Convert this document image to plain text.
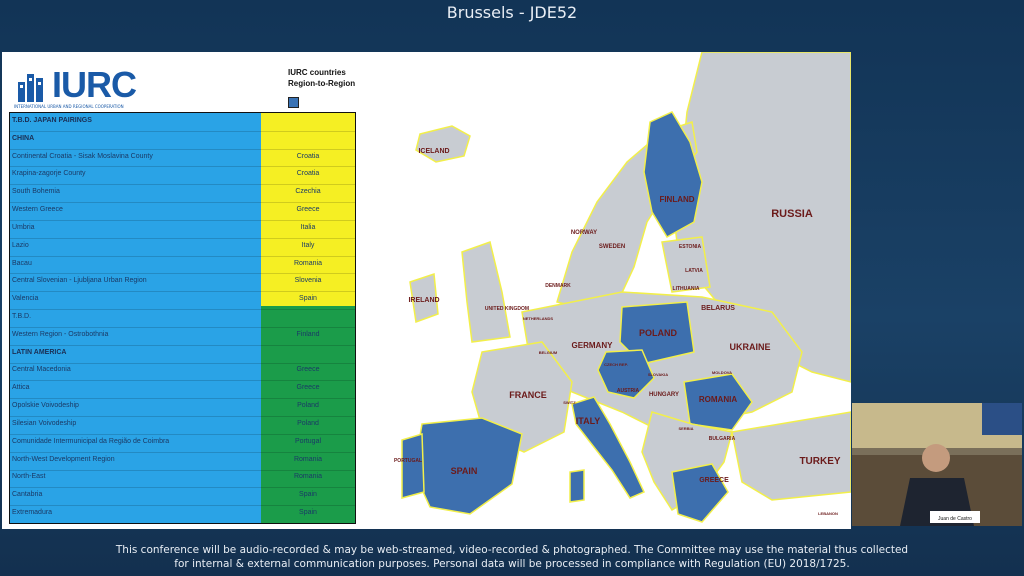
Brussels - JDE52
IURC
INTERNATIONAL URBAN AND REGIONAL COOPERATION
IURC countries
Region-to-Region
T.B.D. JAPAN PAIRINGS
CHINA
Continental Croatia - Sisak Moslavina County	Croatia
Krapina-zagorje County	Croatia
South Bohemia	Czechia
Western Greece	Greece
Umbria	Italia
Lazio	Italy
Bacau	Romania
Central Slovenian - Ljubljana Urban Region	Slovenia
Valencia	Spain
T.B.D.
Western Region - Ostrobothnia	Finland
LATIN AMERICA
Central Macedonia	Greece
Attica	Greece
Opolskie Voivodeship	Poland
Silesian Voivodeship	Poland
Comunidade Intermunicipal da Região de Coimbra	Portugal
North-West Development Region	Romania
North-East	Romania
Cantabria	Spain
Extremadura	Spain
ICELAND
FINLAND
RUSSIA
NORWAY
SWEDEN	ESTONIA
LATVIA
LITHUANIA
IRELAND
UNITED KINGDOM
DENMARK
NETHERLANDS
BELARUS
POLAND
GERMANY
BELGIUM
CZECH REP.
SLOVAKIA
UKRAINE
FRANCE
SWITZ.
AUSTRIA
HUNGARY
MOLDOVA
ROMANIA
ITALY
SERBIA
BULGARIA
PORTUGAL
SPAIN
TURKEY
GREECE
LEBANON
Juan de Castro
This conference will be audio-recorded & may be web-streamed, video-recorded & photographed. The Committee may use the material thus collected
for internal & external communication purposes. Personal data will be processed in compliance with Regulation (EU) 2018/1725.
